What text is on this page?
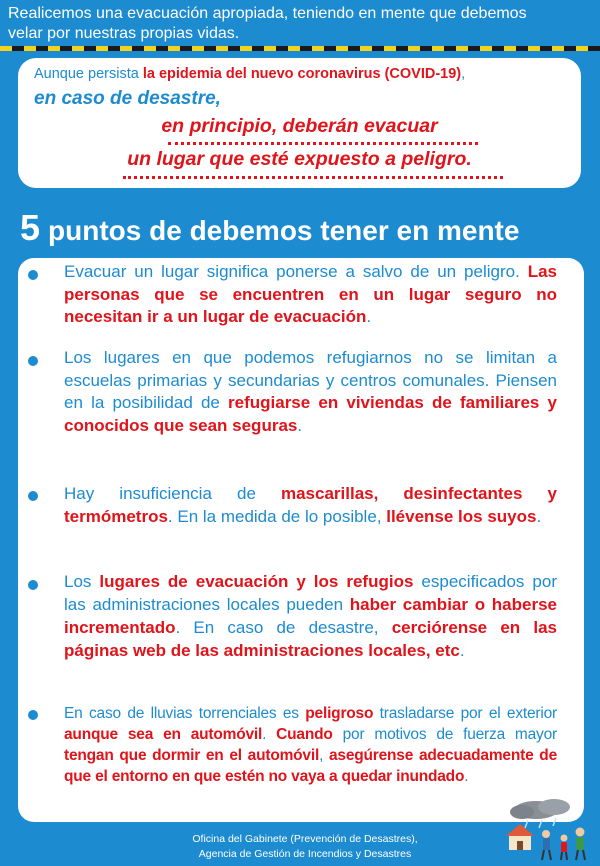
Realicemos una evacuación apropiada, teniendo en mente que debemos
velar por nuestras propias vidas.
Aunque persista la epidemia del nuevo coronavirus (COVID-19),
en caso de desastre,
en principio, deberán evacuar
un lugar que esté expuesto a peligro.
5 puntos de debemos tener en mente
Evacuar un lugar significa ponerse a salvo de un peligro. Las personas que se encuentren en un lugar seguro no necesitan ir a un lugar de evacuación.
Los lugares en que podemos refugiarnos no se limitan a escuelas primarias y secundarias y centros comunales. Piensen en la posibilidad de refugiarse en viviendas de familiares y conocidos que sean seguras.
Hay insuficiencia de mascarillas, desinfectantes y termómetros. En la medida de lo posible, llévense los suyos.
Los lugares de evacuación y los refugios especificados por las administraciones locales pueden haber cambiar o haberse incrementado. En caso de desastre, cerciórense en las páginas web de las administraciones locales, etc.
En caso de lluvias torrenciales es peligroso trasladarse por el exterior aunque sea en automóvil. Cuando por motivos de fuerza mayor tengan que dormir en el automóvil, asegúrense adecuadamente de que el entorno en que estén no vaya a quedar inundado.
Oficina del Gabinete (Prevención de Desastres),
Agencia de Gestión de Incendios y Desastres
